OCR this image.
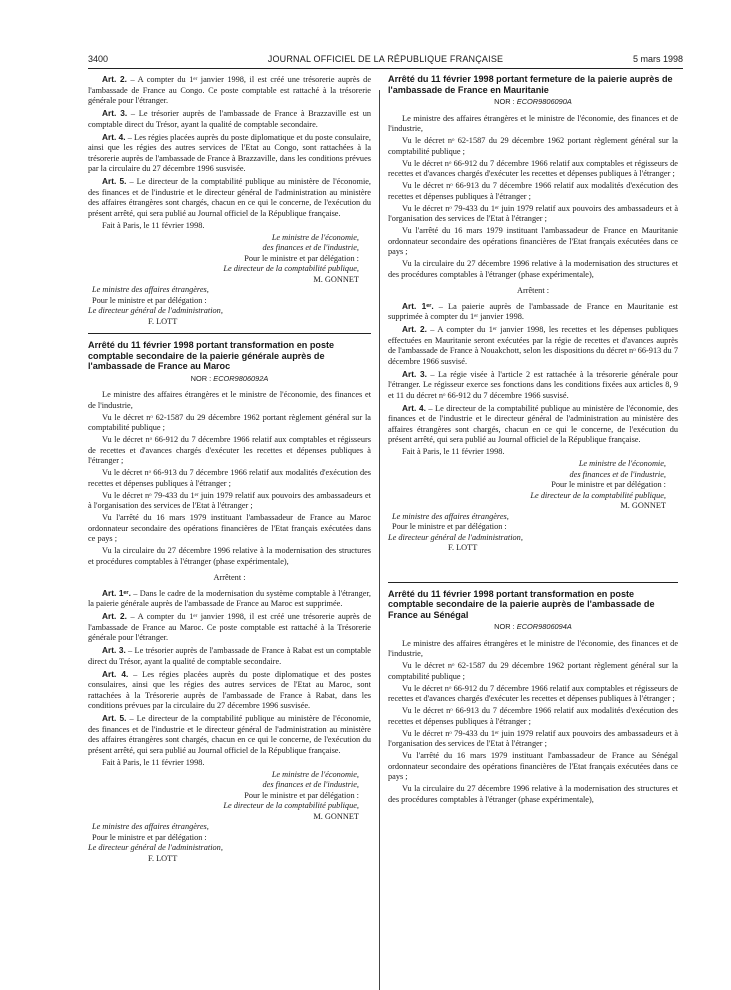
3400	JOURNAL OFFICIEL DE LA RÉPUBLIQUE FRANÇAISE	5 mars 1998

Art. 2. – A compter du 1ᵉʳ janvier 1998, il est créé une trésorerie auprès de l'ambassade de France au Congo. Ce poste comptable est rattaché à la trésorerie générale pour l'étranger.

Art. 3. – Le trésorier auprès de l'ambassade de France à Brazzaville est un comptable direct du Trésor, ayant la qualité de comptable secondaire.

Art. 4. – Les régies placées auprès du poste diplomatique et du poste consulaire, ainsi que les régies des autres services de l'Etat au Congo, sont rattachées à la trésorerie auprès de l'ambassade de France à Brazzaville, dans les conditions prévues par la circulaire du 27 décembre 1996 susvisée.

Art. 5. – Le directeur de la comptabilité publique au ministère de l'économie, des finances et de l'industrie et le directeur général de l'administration au ministère des affaires étrangères sont chargés, chacun en ce qui le concerne, de l'exécution du présent arrêté, qui sera publié au Journal officiel de la République française.

Fait à Paris, le 11 février 1998.

Le ministre de l'économie,
des finances et de l'industrie,
Pour le ministre et par délégation :
Le directeur de la comptabilité publique,
M. GONNET
Le ministre des affaires étrangères,
Pour le ministre et par délégation :
Le directeur général de l'administration,
F. LOTT
Arrêté du 11 février 1998 portant transformation en poste comptable secondaire de la paierie générale auprès de l'ambassade de France au Maroc
NOR : ECOR9806092A

Le ministre des affaires étrangères et le ministre de l'économie, des finances et de l'industrie,

Vu le décret nᵒ 62-1587 du 29 décembre 1962 portant règlement général sur la comptabilité publique ;

Vu le décret nᵒ 66-912 du 7 décembre 1966 relatif aux comptables et régisseurs de recettes et d'avances chargés d'exécuter les recettes et dépenses publiques à l'étranger ;

Vu le décret nᵒ 66-913 du 7 décembre 1966 relatif aux modalités d'exécution des recettes et dépenses publiques à l'étranger ;

Vu le décret nᵒ 79-433 du 1ᵉʳ juin 1979 relatif aux pouvoirs des ambassadeurs et à l'organisation des services de l'Etat à l'étranger ;

Vu l'arrêté du 16 mars 1979 instituant l'ambassadeur de France au Maroc ordonnateur secondaire des opérations financières de l'Etat français exécutées dans ce pays ;

Vu la circulaire du 27 décembre 1996 relative à la modernisation des structures et procédures comptables à l'étranger (phase expérimentale),

Arrêtent :

Art. 1ᵉʳ. – Dans le cadre de la modernisation du système comptable à l'étranger, la paierie générale auprès de l'ambassade de France au Maroc est supprimée.

Art. 2. – A compter du 1ᵉʳ janvier 1998, il est créé une trésorerie auprès de l'ambassade de France au Maroc. Ce poste comptable est rattaché à la Trésorerie générale pour l'étranger.

Art. 3. – Le trésorier auprès de l'ambassade de France à Rabat est un comptable direct du Trésor, ayant la qualité de comptable secondaire.

Art. 4. – Les régies placées auprès du poste diplomatique et des postes consulaires, ainsi que les régies des autres services de l'Etat au Maroc, sont rattachées à la Trésorerie auprès de l'ambassade de France à Rabat, dans les conditions prévues par la circulaire du 27 décembre 1996 susvisée.

Art. 5. – Le directeur de la comptabilité publique au ministère de l'économie, des finances et de l'industrie et le directeur général de l'administration au ministère des affaires étrangères sont chargés, chacun en ce qui le concerne, de l'exécution du présent arrêté, qui sera publié au Journal officiel de la République française.

Fait à Paris, le 11 février 1998.

Le ministre de l'économie,
des finances et de l'industrie,
Pour le ministre et par délégation :
Le directeur de la comptabilité publique,
M. GONNET
Le ministre des affaires étrangères,
Pour le ministre et par délégation :
Le directeur général de l'administration,
F. LOTT
Arrêté du 11 février 1998 portant fermeture de la paierie auprès de l'ambassade de France en Mauritanie
NOR : ECOR9806090A

Le ministre des affaires étrangères et le ministre de l'économie, des finances et de l'industrie,

Vu le décret nᵒ 62-1587 du 29 décembre 1962 portant règlement général sur la comptabilité publique ;

Vu le décret nᵒ 66-912 du 7 décembre 1966 relatif aux comptables et régisseurs de recettes et d'avances chargés d'exécuter les recettes et dépenses publiques à l'étranger ;

Vu le décret nᵒ 66-913 du 7 décembre 1966 relatif aux modalités d'exécution des recettes et dépenses publiques à l'étranger ;

Vu le décret nᵒ 79-433 du 1ᵉʳ juin 1979 relatif aux pouvoirs des ambassadeurs et à l'organisation des services de l'Etat à l'étranger ;

Vu l'arrêté du 16 mars 1979 instituant l'ambassadeur de France en Mauritanie ordonnateur secondaire des opérations financières de l'Etat français exécutées dans ce pays ;

Vu la circulaire du 27 décembre 1996 relative à la modernisation des structures et des procédures comptables à l'étranger (phase expérimentale),

Arrêtent :

Art. 1ᵉʳ. – La paierie auprès de l'ambassade de France en Mauritanie est supprimée à compter du 1ᵉʳ janvier 1998.

Art. 2. – A compter du 1ᵉʳ janvier 1998, les recettes et les dépenses publiques effectuées en Mauritanie seront exécutées par la régie de recettes et d'avances auprès de l'ambassade de France à Nouakchott, selon les dispositions du décret nᵒ 66-913 du 7 décembre 1966 susvisé.

Art. 3. – La régie visée à l'article 2 est rattachée à la trésorerie générale pour l'étranger. Le régisseur exerce ses fonctions dans les conditions fixées aux articles 8, 9 et 11 du décret nᵒ 66-912 du 7 décembre 1966 susvisé.

Art. 4. – Le directeur de la comptabilité publique au ministère de l'économie, des finances et de l'industrie et le directeur général de l'administration au ministère des affaires étrangères sont chargés, chacun en ce qui le concerne, de l'exécution du présent arrêté, qui sera publié au Journal officiel de la République française.

Fait à Paris, le 11 février 1998.

Le ministre de l'économie,
des finances et de l'industrie,
Pour le ministre et par délégation :
Le directeur de la comptabilité publique,
M. GONNET
Le ministre des affaires étrangères,
Pour le ministre et par délégation :
Le directeur général de l'administration,
F. LOTT
Arrêté du 11 février 1998 portant transformation en poste comptable secondaire de la paierie auprès de l'ambassade de France au Sénégal
NOR : ECOR9806094A

Le ministre des affaires étrangères et le ministre de l'économie, des finances et de l'industrie,

Vu le décret nᵒ 62-1587 du 29 décembre 1962 portant règlement général sur la comptabilité publique ;

Vu le décret nᵒ 66-912 du 7 décembre 1966 relatif aux comptables et régisseurs de recettes et d'avances chargés d'exécuter les recettes et dépenses publiques à l'étranger ;

Vu le décret nᵒ 66-913 du 7 décembre 1966 relatif aux modalités d'exécution des recettes et dépenses publiques à l'étranger ;

Vu le décret nᵒ 79-433 du 1ᵉʳ juin 1979 relatif aux pouvoirs des ambassadeurs et à l'organisation des services de l'Etat à l'étranger ;

Vu l'arrêté du 16 mars 1979 instituant l'ambassadeur de France au Sénégal ordonnateur secondaire des opérations financières de l'Etat français exécutées dans ce pays ;

Vu la circulaire du 27 décembre 1996 relative à la modernisation des structures et des procédures comptables à l'étranger (phase expérimentale),
